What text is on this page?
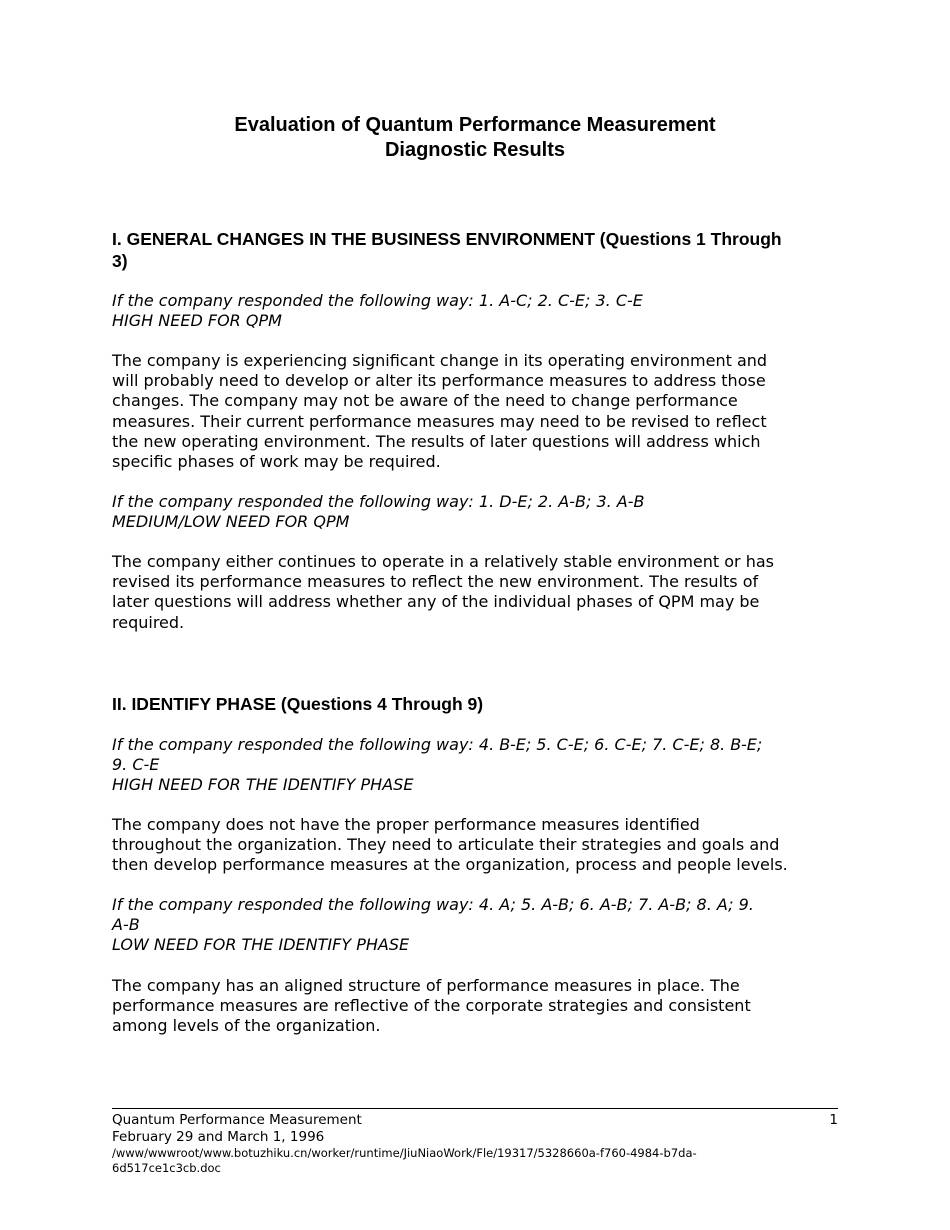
Evaluation of Quantum Performance Measurement
Diagnostic Results
I. GENERAL CHANGES IN THE BUSINESS ENVIRONMENT (Questions 1 Through
3)
If the company responded the following way: 1. A-C; 2. C-E; 3. C-E
HIGH NEED FOR QPM
The company is experiencing significant change in its operating environment and
will probably need to develop or alter its performance measures to address those
changes. The company may not be aware of the need to change performance
measures. Their current performance measures may need to be revised to reflect
the new operating environment. The results of later questions will address which
specific phases of work may be required.
If the company responded the following way: 1. D-E; 2. A-B; 3. A-B
MEDIUM/LOW NEED FOR QPM
The company either continues to operate in a relatively stable environment or has
revised its performance measures to reflect the new environment. The results of
later questions will address whether any of the individual phases of QPM may be
required.
II. IDENTIFY PHASE (Questions 4 Through 9)
If the company responded the following way: 4. B-E; 5. C-E; 6. C-E; 7. C-E; 8. B-E;
9. C-E
HIGH NEED FOR THE IDENTIFY PHASE
The company does not have the proper performance measures identified
throughout the organization. They need to articulate their strategies and goals and
then develop performance measures at the organization, process and people levels.
If the company responded the following way: 4. A; 5. A-B; 6. A-B; 7. A-B; 8. A; 9.
A-B
LOW NEED FOR THE IDENTIFY PHASE
The company has an aligned structure of performance measures in place. The
performance measures are reflective of the corporate strategies and consistent
among levels of the organization.
Quantum Performance Measurement	1
February 29 and March 1, 1996
/www/wwwroot/www.botuzhiku.cn/worker/runtime/JiuNiaoWork/Fle/19317/5328660a-f760-4984-b7da-
6d517ce1c3cb.doc
